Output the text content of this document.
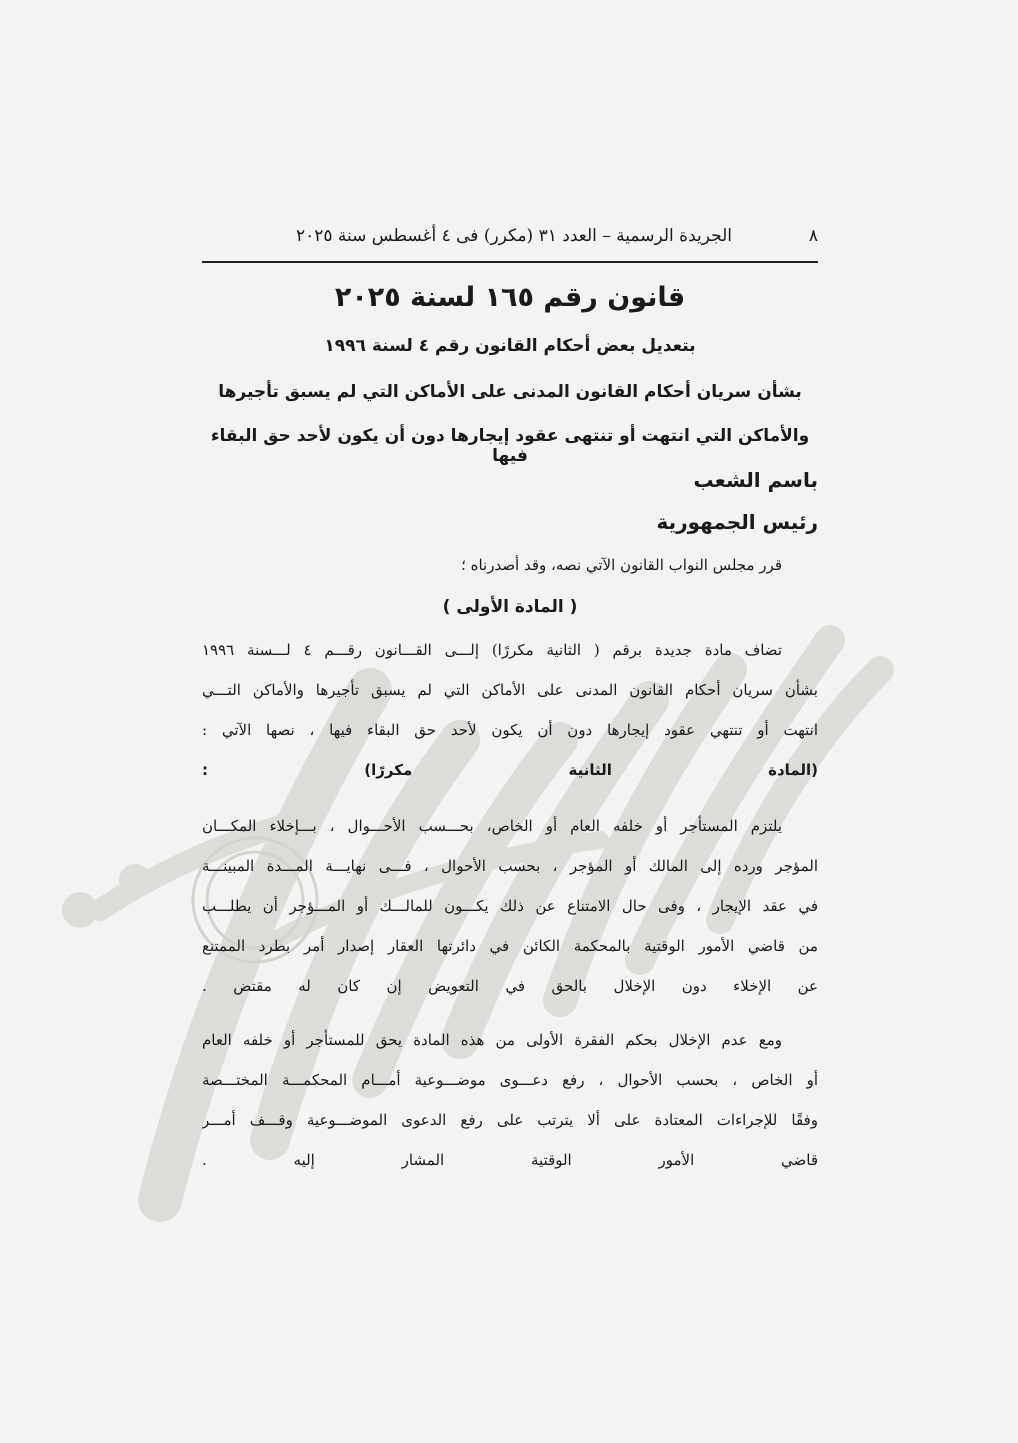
٨
الجريدة الرسمية – العدد ٣١ (مكرر) فى ٤ أغسطس سنة ٢٠٢٥
قانون رقم ١٦٥ لسنة ٢٠٢٥
بتعديل بعض أحكام القانون رقم ٤ لسنة ١٩٩٦
بشأن سريان أحكام القانون المدنى على الأماكن التي لم يسبق تأجيرها
والأماكن التي انتهت أو تنتهى عقود إيجارها دون أن يكون لأحد حق البقاء فيها
باسم الشعب
رئيس الجمهورية
قرر مجلس النواب القانون الآتي نصه، وقد أصدرناه ؛
( المادة الأولى )
تضاف مادة جديدة برقم ( الثانية مكررًا) إلـــى القـــانون رقـــم ٤ لـــسنة ١٩٩٦
بشأن سريان أحكام القانون المدنى على الأماكن التي لم يسبق تأجيرها والأماكن التـــي
انتهت أو تنتهي عقود إيجارها دون أن يكون لأحد حق البقاء فيها ، نصها الآتي :
(المادة الثانية مكررًا) :
يلتزم المستأجر أو خلفه العام أو الخاص، بحـــسب الأحـــوال ، بـــإخلاء المكـــان
المؤجر ورده إلى المالك أو المؤجر ، بحسب الأحوال ، فـــى نهايـــة المـــدة المبينـــة
في عقد الإيجار ، وفى حال الامتناع عن ذلك يكـــون للمالـــك أو المـــؤجر أن يطلـــب
من قاضي الأمور الوقتية بالمحكمة الكائن في دائرتها العقار إصدار أمر بطرد الممتنع
عن الإخلاء دون الإخلال بالحق في التعويض إن كان له مقتض .
ومع عدم الإخلال بحكم الفقرة الأولى من هذه المادة يحق للمستأجر أو خلفه العام
أو الخاص ، بحسب الأحوال ، رفع دعـــوى موضـــوعية أمـــام المحكمـــة المختـــصة
وفقًا للإجراءات المعتادة على ألا يترتب على رفع الدعوى الموضـــوعية وقـــف أمـــر
قاضي الأمور الوقتية المشار إليه .
